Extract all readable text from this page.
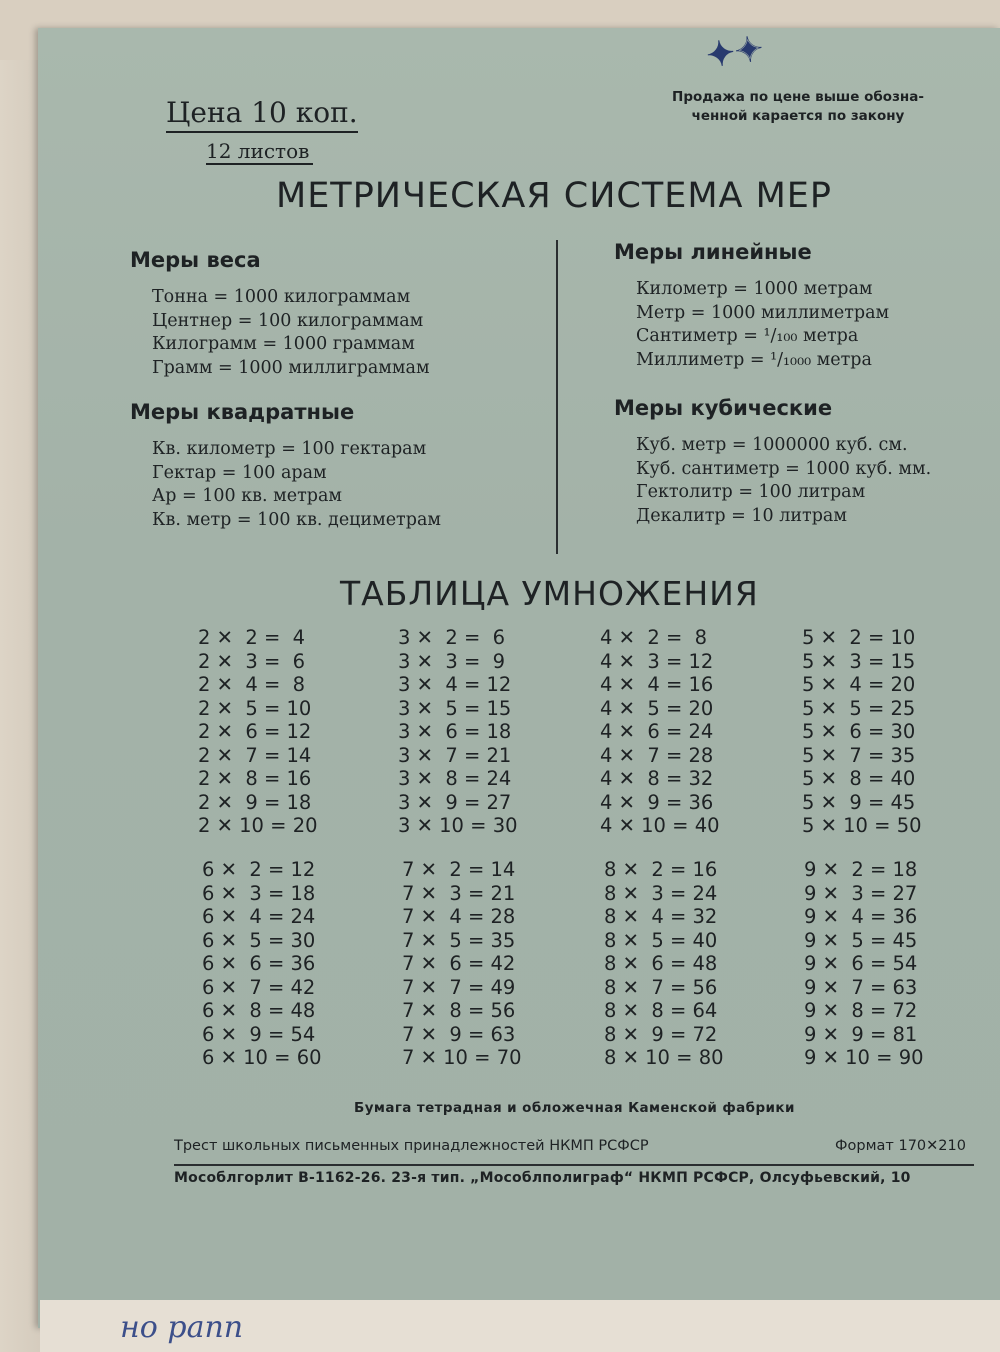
✦✦
Цена 10 коп.
12 листов
Продажа по цене выше обозна-
ченной карается по закону
МЕТРИЧЕСКАЯ СИСТЕМА МЕР
Меры веса
Тонна = 1000 килограммам
Центнер = 100 килограммам
Килограмм = 1000 граммам
Грамм = 1000 миллиграммам
Меры линейные
Километр = 1000 метрам
Метр = 1000 миллиметрам
Сантиметр = ¹/₁₀₀ метра
Миллиметр = ¹/₁₀₀₀ метра
Меры квадратные
Кв. километр = 100 гектарам
Гектар = 100 арам
Ар = 100 кв. метрам
Кв. метр = 100 кв. дециметрам
Меры кубические
Куб. метр = 1000000 куб. см.
Куб. сантиметр = 1000 куб. мм.
Гектолитр = 100 литрам
Декалитр = 10 литрам
ТАБЛИЦА УМНОЖЕНИЯ
2 ✕  2 =  4
2 ✕  3 =  6
2 ✕  4 =  8
2 ✕  5 = 10
2 ✕  6 = 12
2 ✕  7 = 14
2 ✕  8 = 16
2 ✕  9 = 18
2 ✕ 10 = 20
3 ✕  2 =  6
3 ✕  3 =  9
3 ✕  4 = 12
3 ✕  5 = 15
3 ✕  6 = 18
3 ✕  7 = 21
3 ✕  8 = 24
3 ✕  9 = 27
3 ✕ 10 = 30
4 ✕  2 =  8
4 ✕  3 = 12
4 ✕  4 = 16
4 ✕  5 = 20
4 ✕  6 = 24
4 ✕  7 = 28
4 ✕  8 = 32
4 ✕  9 = 36
4 ✕ 10 = 40
5 ✕  2 = 10
5 ✕  3 = 15
5 ✕  4 = 20
5 ✕  5 = 25
5 ✕  6 = 30
5 ✕  7 = 35
5 ✕  8 = 40
5 ✕  9 = 45
5 ✕ 10 = 50
6 ✕  2 = 12
6 ✕  3 = 18
6 ✕  4 = 24
6 ✕  5 = 30
6 ✕  6 = 36
6 ✕  7 = 42
6 ✕  8 = 48
6 ✕  9 = 54
6 ✕ 10 = 60
7 ✕  2 = 14
7 ✕  3 = 21
7 ✕  4 = 28
7 ✕  5 = 35
7 ✕  6 = 42
7 ✕  7 = 49
7 ✕  8 = 56
7 ✕  9 = 63
7 ✕ 10 = 70
8 ✕  2 = 16
8 ✕  3 = 24
8 ✕  4 = 32
8 ✕  5 = 40
8 ✕  6 = 48
8 ✕  7 = 56
8 ✕  8 = 64
8 ✕  9 = 72
8 ✕ 10 = 80
9 ✕  2 = 18
9 ✕  3 = 27
9 ✕  4 = 36
9 ✕  5 = 45
9 ✕  6 = 54
9 ✕  7 = 63
9 ✕  8 = 72
9 ✕  9 = 81
9 ✕ 10 = 90
Бумага тетрадная и обложечная Каменской фабрики
Трест школьных письменных принадлежностей НКМП РСФСР	Формат 170✕210
Мособлгорлит В-1162-26. 23-я тип. „Мособлполиграф“ НКМП РСФСР, Олсуфьевский, 10
но рапп
